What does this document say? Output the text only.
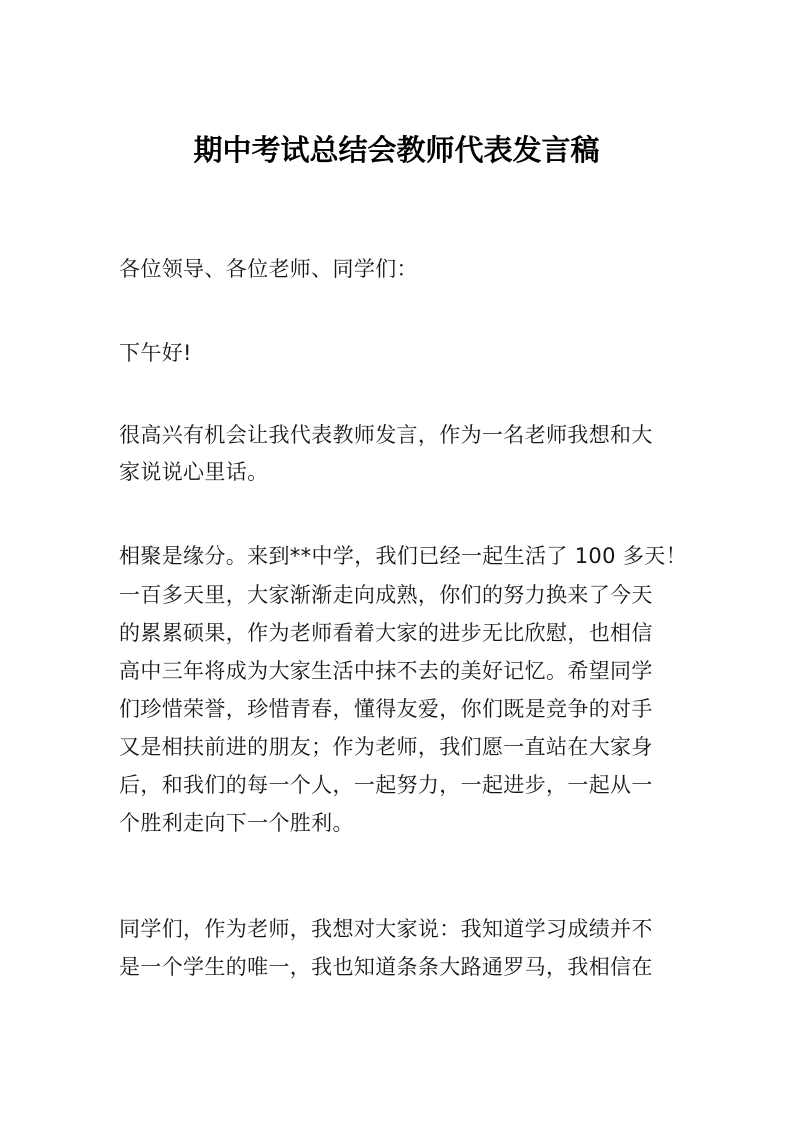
期中考试总结会教师代表发言稿
各位领导、各位老师、同学们：
下午好!
很高兴有机会让我代表教师发言，作为一名老师我想和大
家说说心里话。
相聚是缘分。来到**中学，我们已经一起生活了 100 多天！
一百多天里，大家渐渐走向成熟，你们的努力换来了今天
的累累硕果，作为老师看着大家的进步无比欣慰，也相信
高中三年将成为大家生活中抹不去的美好记忆。希望同学
们珍惜荣誉，珍惜青春，懂得友爱，你们既是竞争的对手
又是相扶前进的朋友；作为老师，我们愿一直站在大家身
后，和我们的每一个人，一起努力，一起进步，一起从一
个胜利走向下一个胜利。
同学们，作为老师，我想对大家说：我知道学习成绩并不
是一个学生的唯一，我也知道条条大路通罗马，我相信在
